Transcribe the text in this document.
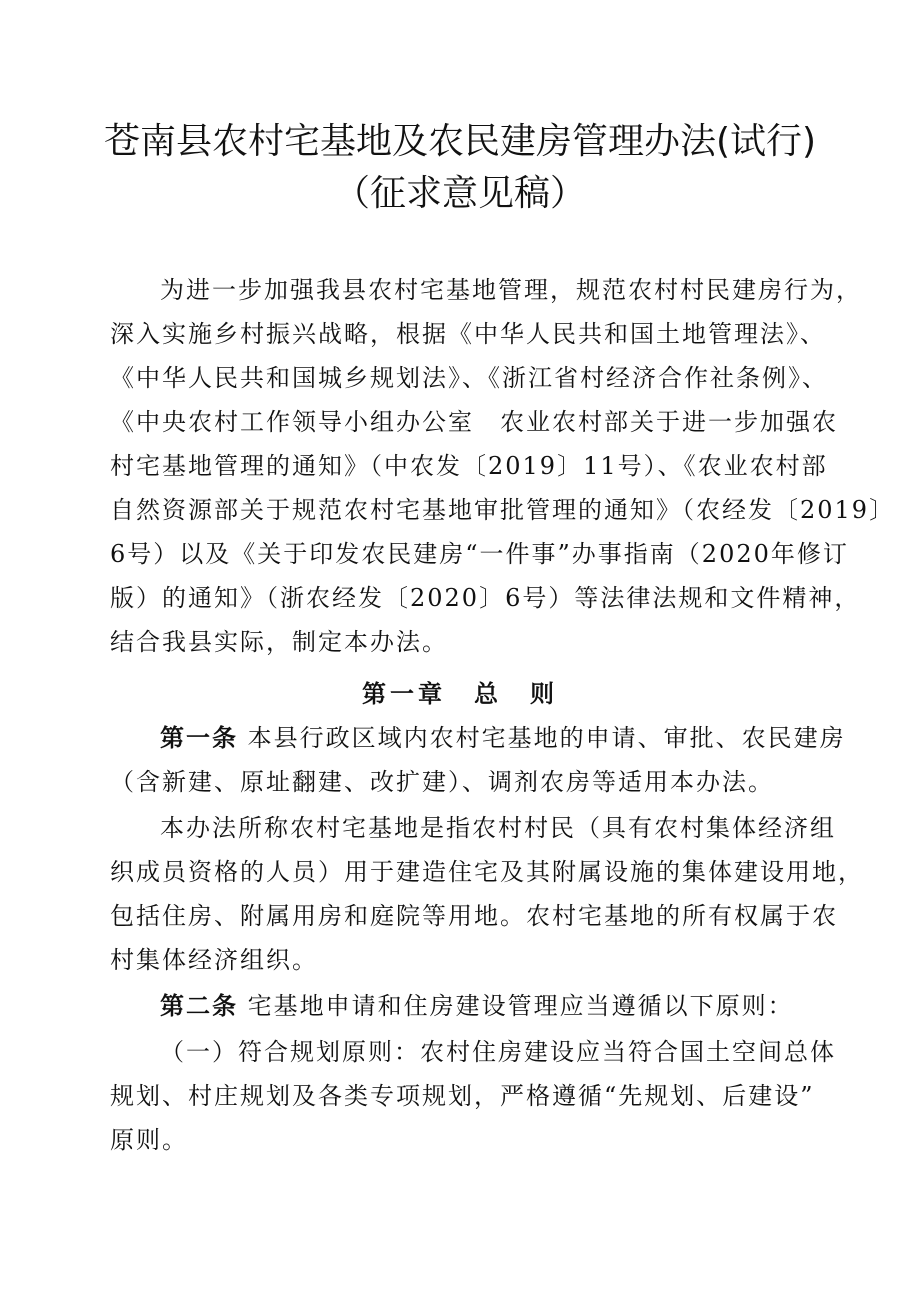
苍南县农村宅基地及农民建房管理办法(试行)
（征求意见稿）
为进一步加强我县农村宅基地管理，规范农村村民建房行为，
深入实施乡村振兴战略，根据《中华人民共和国土地管理法》、
《中华人民共和国城乡规划法》、《浙江省村经济合作社条例》、
《中央农村工作领导小组办公室　农业农村部关于进一步加强农
村宅基地管理的通知》（中农发〔2019〕11号）、《农业农村部
自然资源部关于规范农村宅基地审批管理的通知》（农经发〔2019〕
6号）以及《关于印发农民建房“一件事”办事指南（2020年修订
版）的通知》（浙农经发〔2020〕6号）等法律法规和文件精神，
结合我县实际，制定本办法。
第一章　总　则
第一条 本县行政区域内农村宅基地的申请、审批、农民建房
（含新建、原址翻建、改扩建）、调剂农房等适用本办法。
本办法所称农村宅基地是指农村村民（具有农村集体经济组
织成员资格的人员）用于建造住宅及其附属设施的集体建设用地，
包括住房、附属用房和庭院等用地。农村宅基地的所有权属于农
村集体经济组织。
第二条 宅基地申请和住房建设管理应当遵循以下原则：
（一）符合规划原则：农村住房建设应当符合国土空间总体
规划、村庄规划及各类专项规划，严格遵循“先规划、后建设”
原则。
